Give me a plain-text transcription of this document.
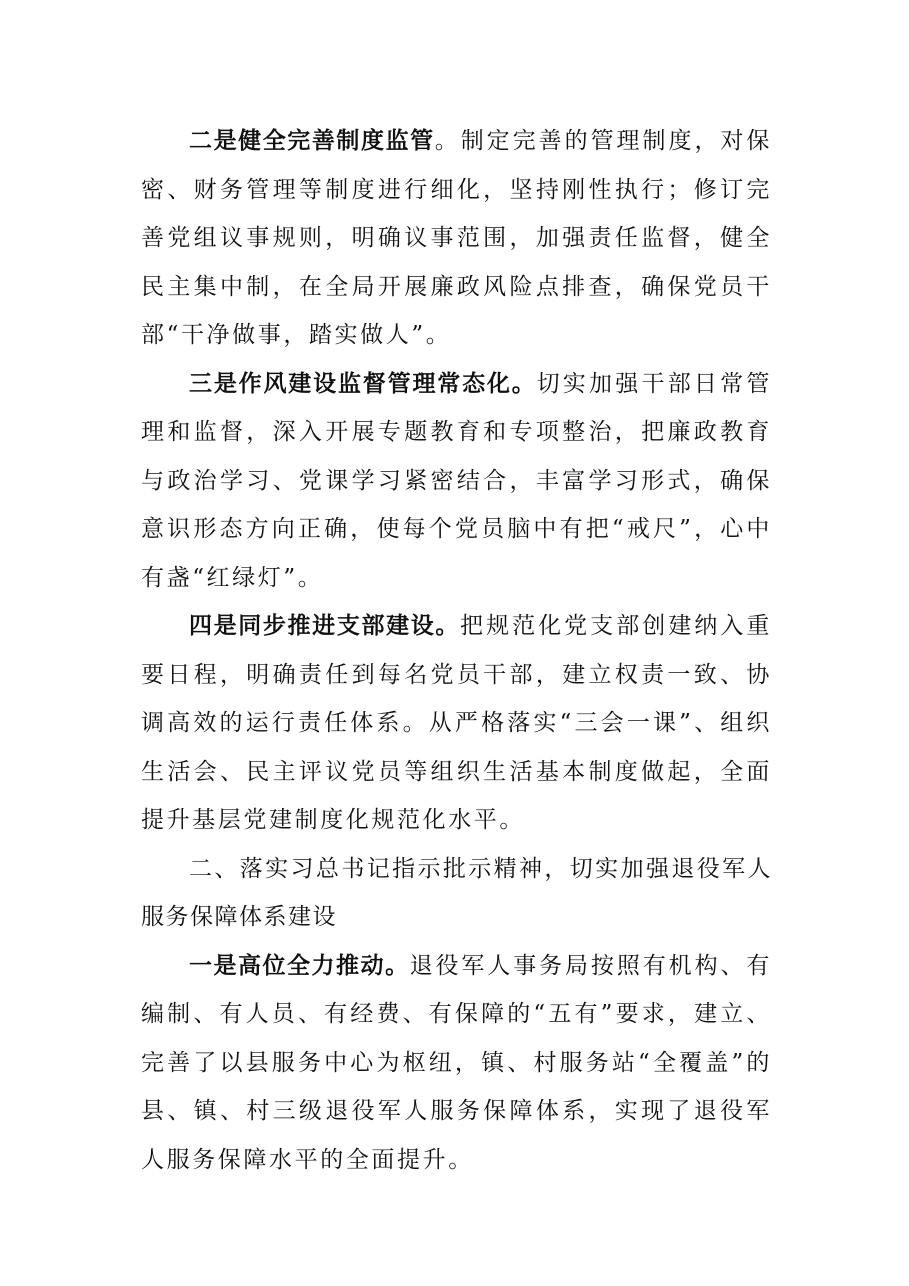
二是健全完善制度监管。制定完善的管理制度，对保密、财务管理等制度进行细化，坚持刚性执行；修订完善党组议事规则，明确议事范围，加强责任监督，健全民主集中制，在全局开展廉政风险点排查，确保党员干部“干净做事，踏实做人”。

三是作风建设监督管理常态化。切实加强干部日常管理和监督，深入开展专题教育和专项整治，把廉政教育与政治学习、党课学习紧密结合，丰富学习形式，确保意识形态方向正确，使每个党员脑中有把“戒尺”，心中有盏“红绿灯”。

四是同步推进支部建设。把规范化党支部创建纳入重要日程，明确责任到每名党员干部，建立权责一致、协调高效的运行责任体系。从严格落实“三会一课”、组织生活会、民主评议党员等组织生活基本制度做起，全面提升基层党建制度化规范化水平。

二、落实习总书记指示批示精神，切实加强退役军人服务保障体系建设

一是高位全力推动。退役军人事务局按照有机构、有编制、有人员、有经费、有保障的“五有”要求，建立、完善了以县服务中心为枢纽，镇、村服务站“全覆盖”的县、镇、村三级退役军人服务保障体系，实现了退役军人服务保障水平的全面提升。
